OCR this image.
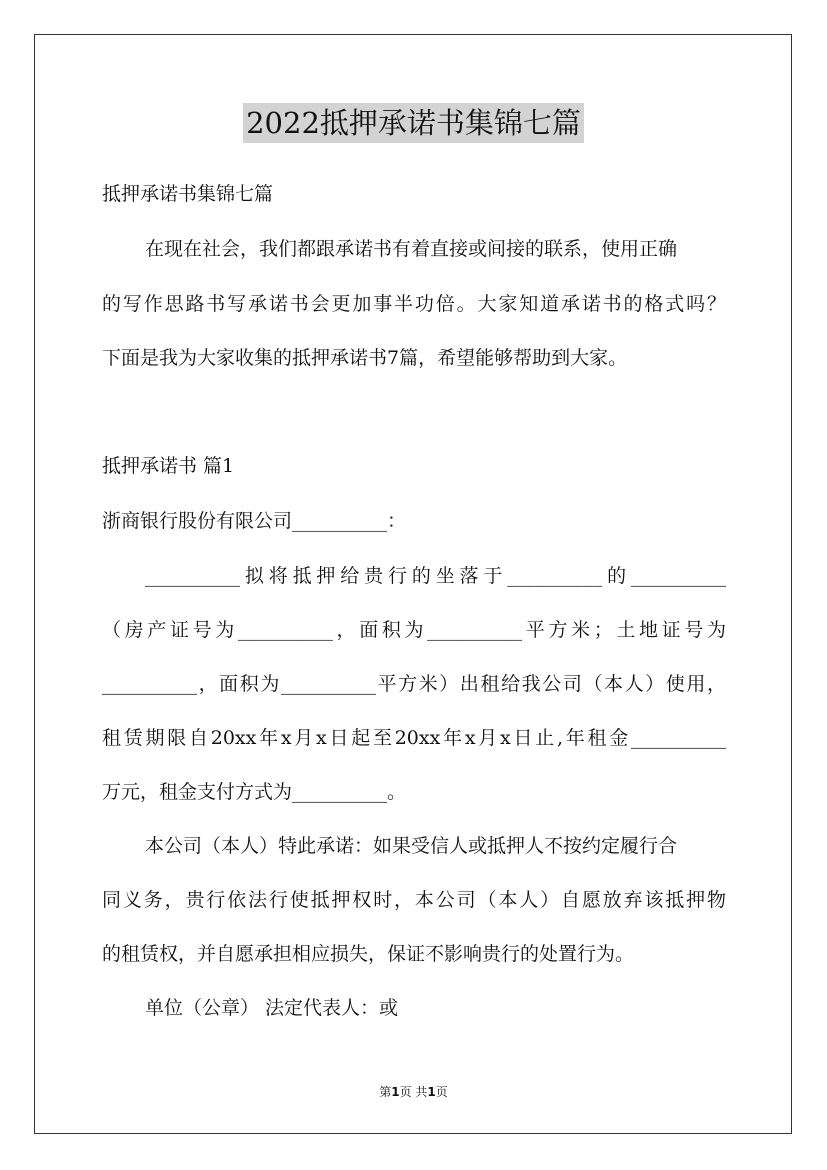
2022抵押承诺书集锦七篇
抵押承诺书集锦七篇
在现在社会，我们都跟承诺书有着直接或间接的联系，使用正确
的写作思路书写承诺书会更加事半功倍。大家知道承诺书的格式吗？
下面是我为大家收集的抵押承诺书7篇，希望能够帮助到大家。
抵押承诺书 篇1
浙商银行股份有限公司__________：
__________拟将抵押给贵行的坐落于__________的__________
（房产证号为__________，面积为__________平方米；土地证号为
__________，面积为__________平方米）出租给我公司（本人）使用，
租赁期限自20xx年x月x日起至20xx年x月x日止,年租金__________
万元，租金支付方式为__________。
本公司（本人）特此承诺：如果受信人或抵押人不按约定履行合
同义务，贵行依法行使抵押权时，本公司（本人）自愿放弃该抵押物
的租赁权，并自愿承担相应损失，保证不影响贵行的处置行为。
单位（公章） 法定代表人：或
第1页 共1页
